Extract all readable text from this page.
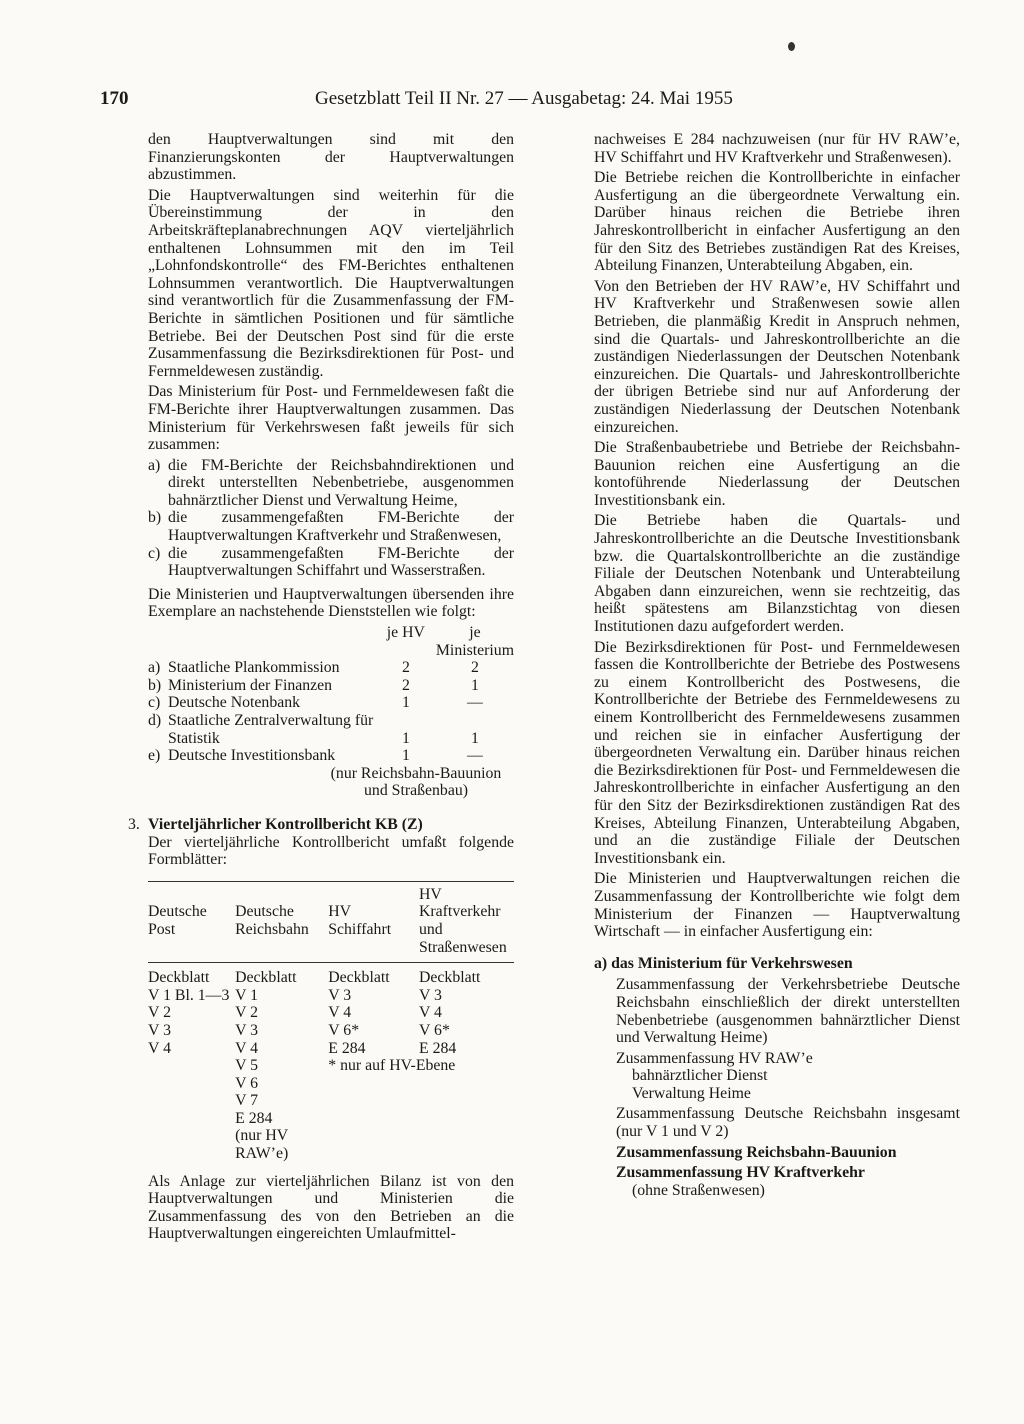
170	Gesetzblatt Teil II Nr. 27 — Ausgabetag: 24. Mai 1955

den Hauptverwaltungen sind mit den Finanzierungskonten der Hauptverwaltungen abzustimmen.

Die Hauptverwaltungen sind weiterhin für die Übereinstimmung der in den Arbeitskräfteplanabrechnungen AQV vierteljährlich enthaltenen Lohnsummen mit den im Teil „Lohnfondskontrolle“ des FM-Berichtes enthaltenen Lohnsummen verantwortlich. Die Hauptverwaltungen sind verantwortlich für die Zusammenfassung der FM-Berichte in sämtlichen Positionen und für sämtliche Betriebe. Bei der Deutschen Post sind für die erste Zusammenfassung die Bezirksdirektionen für Post- und Fernmeldewesen zuständig.

Das Ministerium für Post- und Fernmeldewesen faßt die FM-Berichte ihrer Hauptverwaltungen zusammen. Das Ministerium für Verkehrswesen faßt jeweils für sich zusammen:

a) die FM-Berichte der Reichsbahndirektionen und direkt unterstellten Nebenbetriebe, ausgenommen bahnärztlicher Dienst und Verwaltung Heime,
b) die zusammengefaßten FM-Berichte der Hauptverwaltungen Kraftverkehr und Straßenwesen,
c) die zusammengefaßten FM-Berichte der Hauptverwaltungen Schiffahrt und Wasserstraßen.

Die Ministerien und Hauptverwaltungen übersenden ihre Exemplare an nachstehende Dienststellen wie folgt:

		je HV	je Ministerium
a)	Staatliche Plankommission	2	2
b)	Ministerium der Finanzen	2	1
c)	Deutsche Notenbank	1	—
d)	Staatliche Zentralverwaltung für Statistik	1	1
e)	Deutsche Investitionsbank	1	—
	(nur Reichsbahn-Bauunion und Straßenbau)		
3. Vierteljährlicher Kontrollbericht KB (Z)

Der vierteljährliche Kontrollbericht umfaßt folgende Formblätter:

Deutsche Post	Deutsche Reichsbahn	HV Schiffahrt	HV Kraftverkehr und Straßenwesen
Deckblatt	Deckblatt	Deckblatt	Deckblatt
V 1 Bl. 1—3	V 1	V 3	V 3
V 2	V 2	V 4	V 4
V 3	V 3	V 6*	V 6*
V 4	V 4	E 284	E 284
	V 5	* nur auf HV-Ebene	
	V 6		
	V 7		
	E 284 (nur HV RAW’e)		

Als Anlage zur vierteljährlichen Bilanz ist von den Hauptverwaltungen und Ministerien die Zusammenfassung des von den Betrieben an die Hauptverwaltungen eingereichten Umlaufmittel-

nachweises E 284 nachzuweisen (nur für HV RAW’e, HV Schiffahrt und HV Kraftverkehr und Straßenwesen).

Die Betriebe reichen die Kontrollberichte in einfacher Ausfertigung an die übergeordnete Verwaltung ein. Darüber hinaus reichen die Betriebe ihren Jahreskontrollbericht in einfacher Ausfertigung an den für den Sitz des Betriebes zuständigen Rat des Kreises, Abteilung Finanzen, Unterabteilung Abgaben, ein.

Von den Betrieben der HV RAW’e, HV Schiffahrt und HV Kraftverkehr und Straßenwesen sowie allen Betrieben, die planmäßig Kredit in Anspruch nehmen, sind die Quartals- und Jahreskontrollberichte an die zuständigen Niederlassungen der Deutschen Notenbank einzureichen. Die Quartals- und Jahreskontrollberichte der übrigen Betriebe sind nur auf Anforderung der zuständigen Niederlassung der Deutschen Notenbank einzureichen.

Die Straßenbaubetriebe und Betriebe der Reichsbahn-Bauunion reichen eine Ausfertigung an die kontoführende Niederlassung der Deutschen Investitionsbank ein.

Die Betriebe haben die Quartals- und Jahreskontrollberichte an die Deutsche Investitionsbank bzw. die Quartalskontrollberichte an die zuständige Filiale der Deutschen Notenbank und Unterabteilung Abgaben dann einzureichen, wenn sie rechtzeitig, das heißt spätestens am Bilanzstichtag von diesen Institutionen dazu aufgefordert werden.

Die Bezirksdirektionen für Post- und Fernmeldewesen fassen die Kontrollberichte der Betriebe des Postwesens zu einem Kontrollbericht des Postwesens, die Kontrollberichte der Betriebe des Fernmeldewesens zu einem Kontrollbericht des Fernmeldewesens zusammen und reichen sie in einfacher Ausfertigung der übergeordneten Verwaltung ein. Darüber hinaus reichen die Bezirksdirektionen für Post- und Fernmeldewesen die Jahreskontrollberichte in einfacher Ausfertigung an den für den Sitz der Bezirksdirektionen zuständigen Rat des Kreises, Abteilung Finanzen, Unterabteilung Abgaben, und an die zuständige Filiale der Deutschen Investitionsbank ein.

Die Ministerien und Hauptverwaltungen reichen die Zusammenfassung der Kontrollberichte wie folgt dem Ministerium der Finanzen — Hauptverwaltung Wirtschaft — in einfacher Ausfertigung ein:

a) das Ministerium für Verkehrswesen
Zusammenfassung der Verkehrsbetriebe Deutsche Reichsbahn einschließlich der direkt unterstellten Nebenbetriebe (ausgenommen bahnärztlicher Dienst und Verwaltung Heime)
Zusammenfassung HV RAW’e
bahnärztlicher Dienst
Verwaltung Heime
Zusammenfassung Deutsche Reichsbahn insgesamt (nur V 1 und V 2)
Zusammenfassung Reichsbahn-Bauunion
Zusammenfassung HV Kraftverkehr
(ohne Straßenwesen)
